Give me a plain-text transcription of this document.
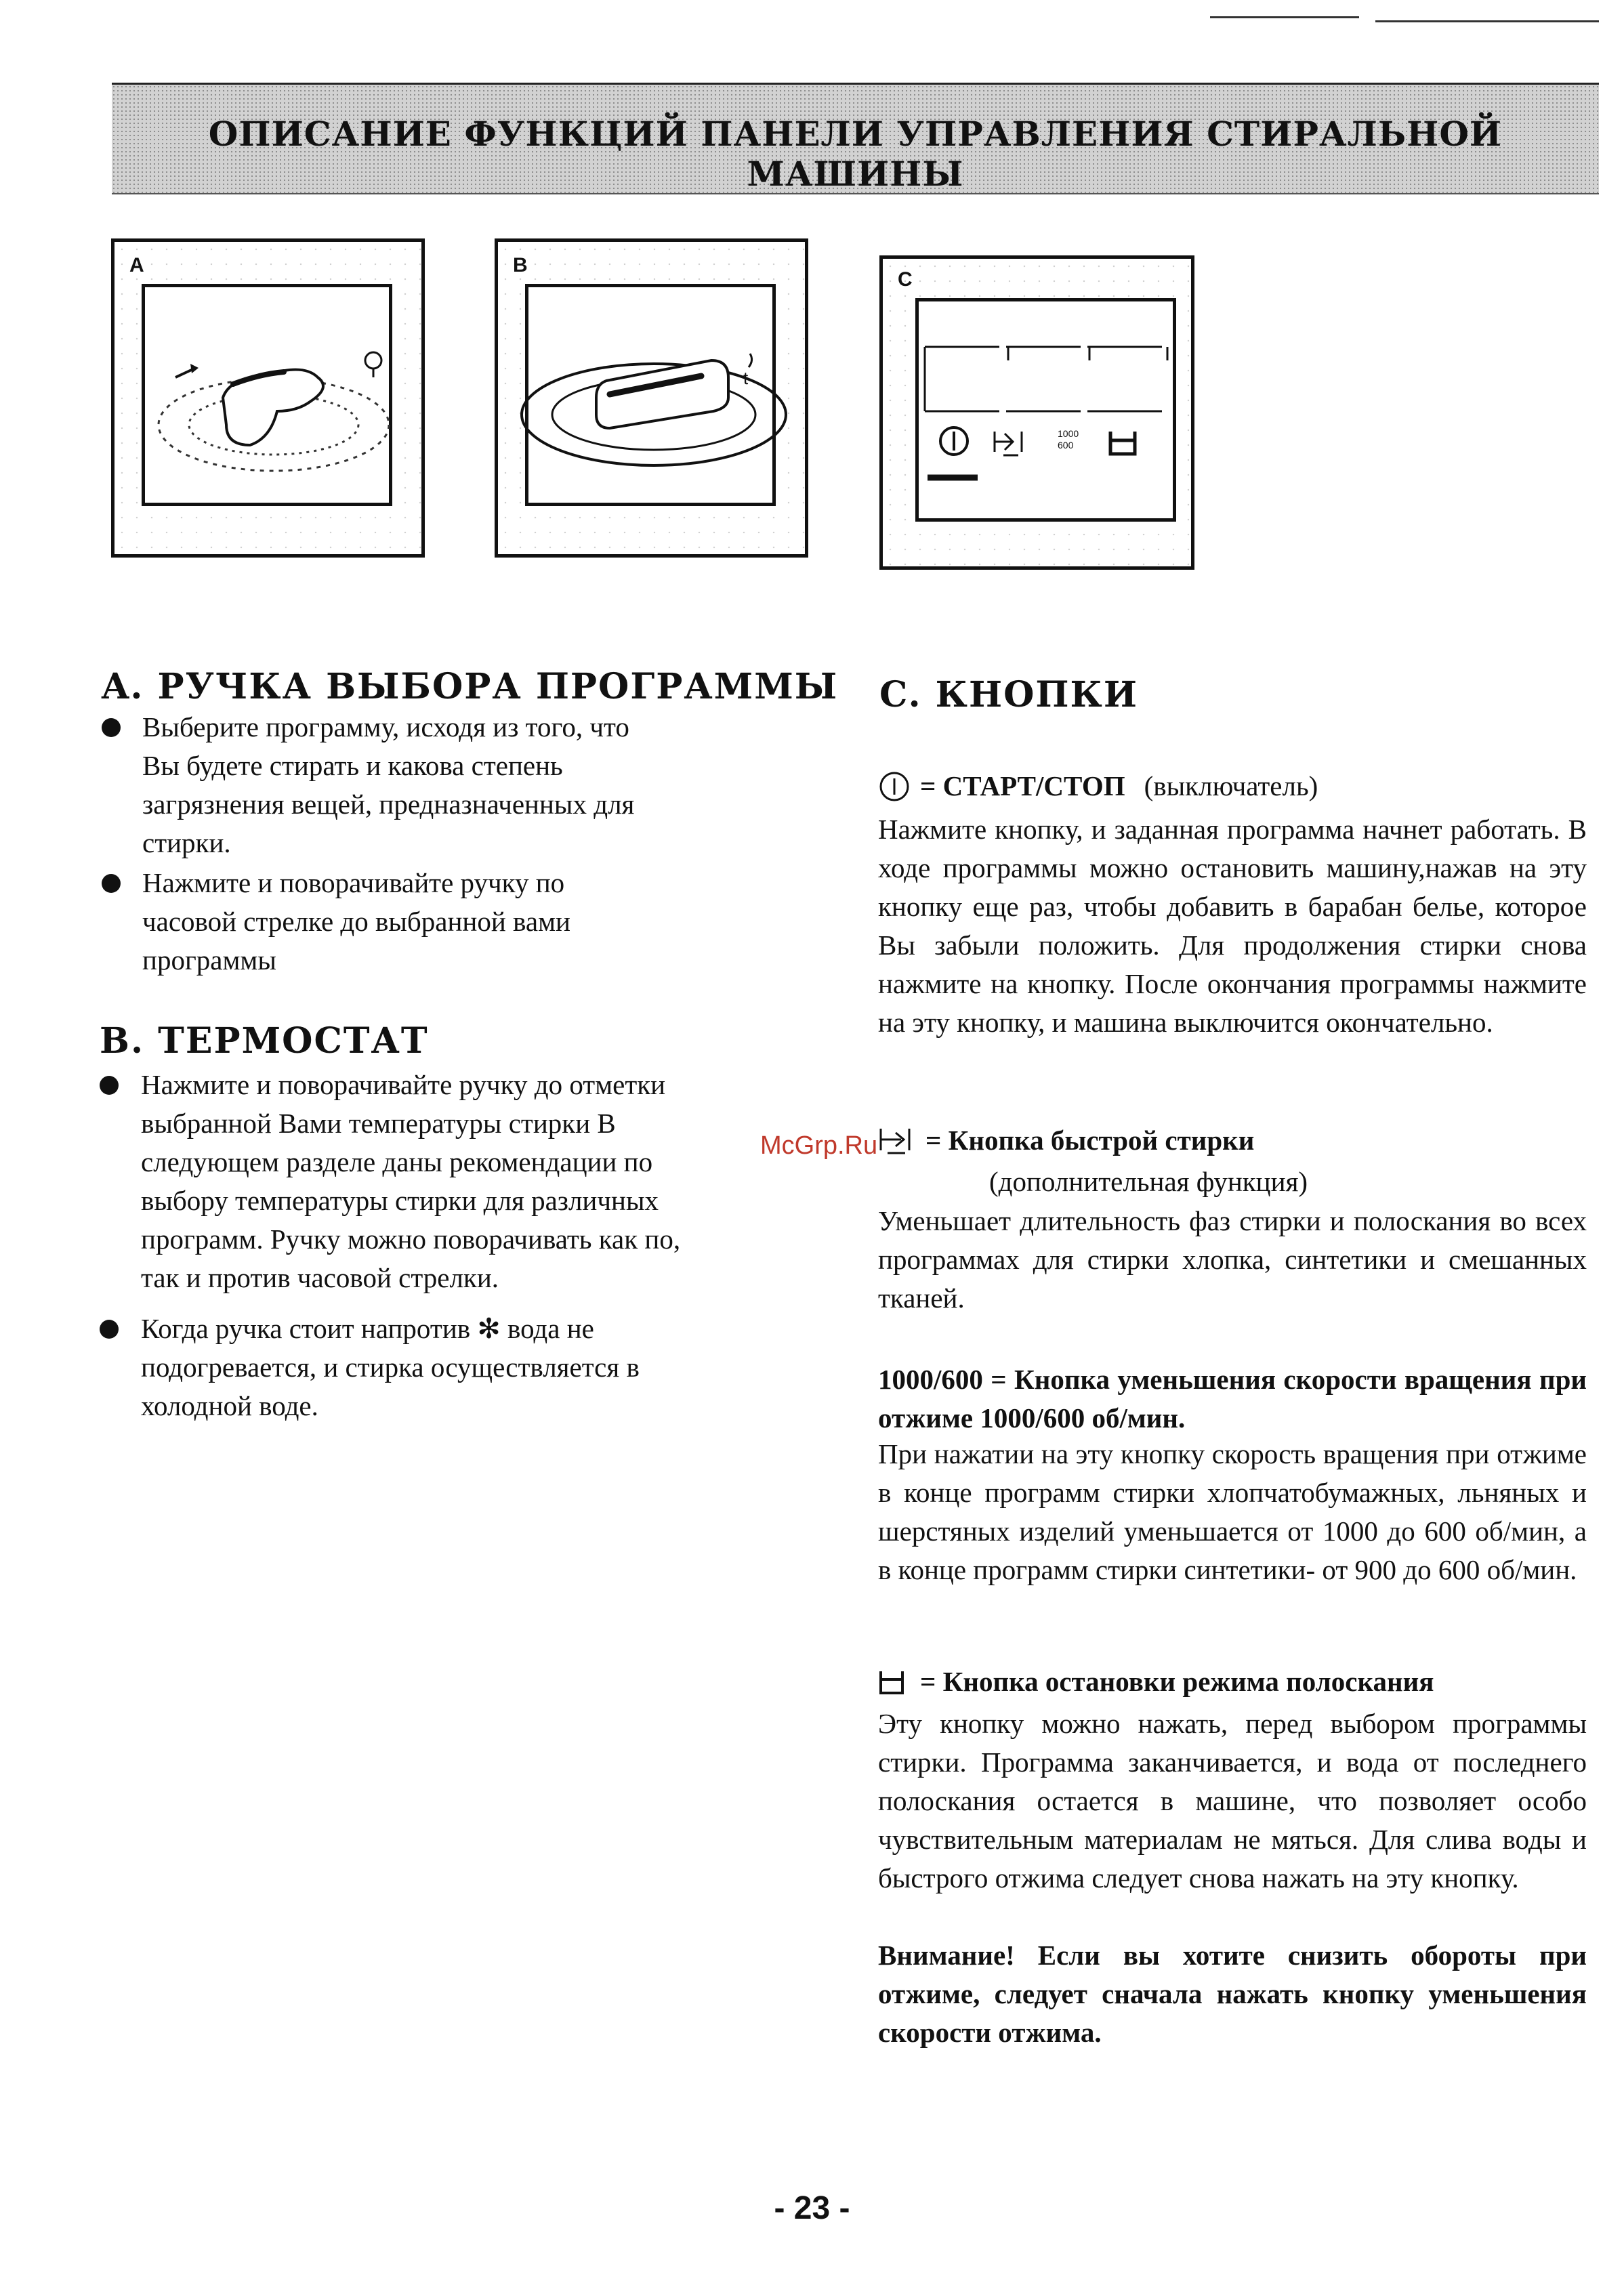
ОПИСАНИЕ ФУНКЦИЙ ПАНЕЛИ УПРАВЛЕНИЯ СТИРАЛЬНОЙ МАШИНЫ
A	B
t
C
1000
600
A. РУЧКА ВЫБОРА ПРОГРАММЫ
Выберите программу, исходя из того, что
Вы будете стирать и какова степень
загрязнения вещей, предназначенных для
стирки.
Нажмите и поворачивайте ручку по
часовой стрелке до выбранной вами
программы
B. ТЕРМОСТАТ
Нажмите и поворачивайте ручку до отметки
выбранной Вами температуры стирки В
следующем разделе даны рекомендации по
выбору температуры стирки для различных
программ. Ручку можно поворачивать как по,
так и против часовой стрелки.
Когда ручка стоит напротив ✻ вода не
подогревается, и стирка осуществляется в
холодной воде.
C. КНОПКИ
= СТАРТ/СТОП (выключатель)
Нажмите кнопку, и заданная программа начнет работать. В ходе программы можно остановить машину,нажав на эту кнопку еще раз, чтобы добавить в барабан белье, которое Вы забыли положить. Для продолжения стирки снова нажмите на кнопку. После окончания программы нажмите на эту кнопку, и машина выключится окончательно.
= Кнопка быстрой стирки
(дополнительная функция)
Уменьшает длительность фаз стирки и полоскания во всех программах для стирки хлопка, синтетики и смешанных тканей.
1000/600 = Кнопка уменьшения скорости вращения при отжиме 1000/600 об/мин.
При нажатии на эту кнопку скорость вращения при отжиме в конце программ стирки хлопчатобумажных, льняных и шерстяных изделий уменьшается от 1000 до 600 об/мин, а в конце программ стирки синтетики- от 900 до 600 об/мин.
= Кнопка остановки режима полоскания
Эту кнопку можно нажать, перед выбором программы стирки. Программа заканчивается, и вода от последнего полоскания остается в машине, что позволяет особо чувствительным материалам не мяться. Для слива воды и быстрого отжима следует снова нажать на эту кнопку.
Внимание! Если вы хотите снизить обороты при отжиме, следует сначала нажать кнопку уменьшения скорости отжима.
McGrp.Ru
- 23 -
